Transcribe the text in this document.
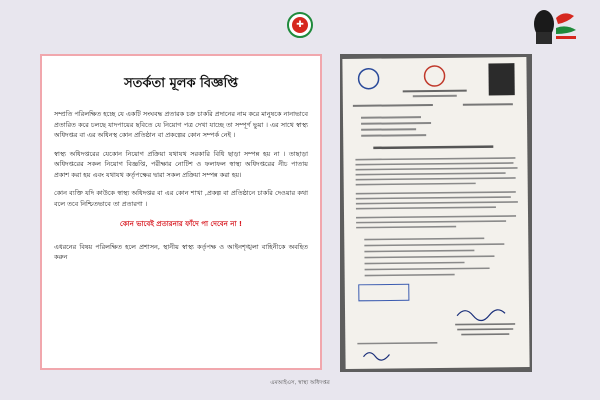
✚
সতর্কতা মূলক বিজ্ঞপ্তি

সম্প্রতি পরিলক্ষিত হচ্ছে যে একটি সংঘবদ্ধ প্রতারক চক্র চাকরি প্রদানের নাম করে মানুষকে নানাভাবে প্রতারিত করে চলছে যাদপায়ের ছবিতে যে নিয়োগ পত্র দেখা যাচ্ছে তা সম্পূর্ণ ভুয়া । এর সাথে স্বাস্থ্য অধিদপ্তর বা এর অধিনস্থ কোন প্রতিষ্ঠান বা প্রকল্পের কোন সম্পর্ক নেই ।

স্বাস্থ্য অধিদপ্তরের যেকোন নিয়োগ প্রক্রিয়া যথাযথ সরকারি বিধি ছাড়া সম্পন্ন হয় না । তাছাড়া অধিদপ্তরের সকল নিয়োগ বিজ্ঞপ্তি, পরীক্ষার নোটিশ ও ফলাফল স্বাস্থ্য অধিদপ্তরের নীচ পাতায় প্রকাশ করা হয় এবং যথাযথ কর্তৃপক্ষের দ্বারা সকল প্রক্রিয়া সম্পন্ন করা হয়।

কোন ব্যক্তি যদি কাউকে স্বাস্থ্য অধিদপ্তর বা এর কোন শাখা ,প্রকল্প বা প্রতিষ্ঠানে চাকরি দেওয়ার কথা বলে তবে নিশ্চিতভাবে তা প্রতারণা ।

কোন ভাবেই প্রতারনার ফাঁদে পা দেবেন না !

এধরনের বিষয় পরিলক্ষিত হলে প্রশাসন, স্থানীয় স্বাস্থ্য কর্তৃপক্ষ ও আইনশৃঙ্খলা বাহিনীকে অবহিত করুন

এমআইএস, স্বাস্থ্য অধিদপ্তর
